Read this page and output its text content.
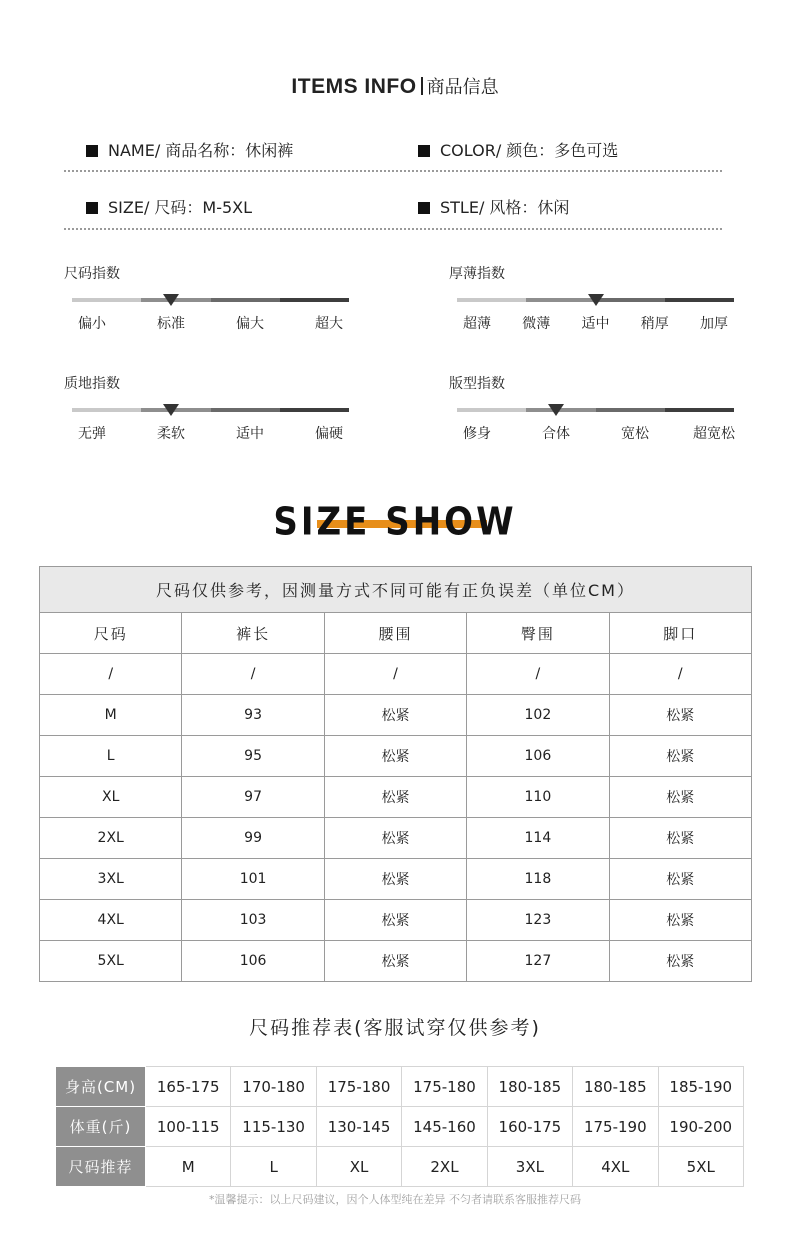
ITEMS INFO 商品信息
NAME/ 商品名称：休闲裤	COLOR/ 颜色：多色可选
SIZE/ 尺码：M-5XL	STLE/ 风格：休闲
尺码指数
偏小	标准	偏大	超大
厚薄指数
超薄	微薄	适中	稍厚	加厚
质地指数
无弹	柔软	适中	偏硬
版型指数
修身	合体	宽松	超宽松
SIZE SHOW
尺码仅供参考，因测量方式不同可能有正负误差（单位CM）				
尺码	裤长	腰围	臀围	脚口
/	/	/	/	/
M	93	松紧	102	松紧
L	95	松紧	106	松紧
XL	97	松紧	110	松紧
2XL	99	松紧	114	松紧
3XL	101	松紧	118	松紧
4XL	103	松紧	123	松紧
5XL	106	松紧	127	松紧
尺码推荐表(客服试穿仅供参考)
身高(CM)	165-175	170-180	175-180	175-180	180-185	180-185	185-190
体重(斤)	100-115	115-130	130-145	145-160	160-175	175-190	190-200
尺码推荐	M	L	XL	2XL	3XL	4XL	5XL
*温馨提示：以上尺码建议，因个人体型纯在差异 不匀者请联系客服推荐尺码
